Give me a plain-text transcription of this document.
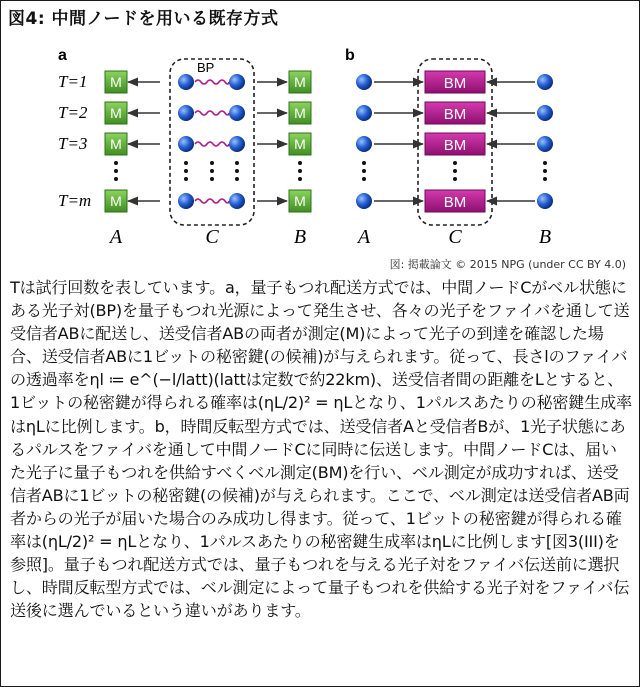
図4: 中間ノードを用いる既存方式
a	b
BP
T=1
T=2
T=3
T=m
M
M
M
M
M
M
M
M
A	C	B
BM
BM
BM
BM
A	C	B
図: 掲載論文 © 2015 NPG (under CC BY 4.0)

Tは試行回数を表しています。a，量子もつれ配送方式では、中間ノードCがベル状態にある光子対(BP)を量子もつれ光源によって発生させ、各々の光子をファイバを通して送受信者ABに配送し、送受信者ABの両者が測定(M)によって光子の到達を確認した場合、送受信者ABに1ビットの秘密鍵(の候補)が与えられます。従って、長さlのファイバの透過率をηl ≔ e^(−l/latt)(lattは定数で約22km)、送受信者間の距離をLとすると、1ビットの秘密鍵が得られる確率は(ηL/2)² = ηLとなり、1パルスあたりの秘密鍵生成率はηLに比例します。b，時間反転型方式では、送受信者Aと受信者Bが、1光子状態にあるパルスをファイバを通して中間ノードCに同時に伝送します。中間ノードCは、届いた光子に量子もつれを供給すべくベル測定(BM)を行い、ベル測定が成功すれば、送受信者ABに1ビットの秘密鍵(の候補)が与えられます。ここで、ベル測定は送受信者AB両者からの光子が届いた場合のみ成功し得ます。従って、1ビットの秘密鍵が得られる確率は(ηL/2)² = ηLとなり、1パルスあたりの秘密鍵生成率はηLに比例します[図3(III)を参照]。量子もつれ配送方式では、量子もつれを与える光子対をファイバ伝送前に選択し、時間反転型方式では、ベル測定によって量子もつれを供給する光子対をファイバ伝送後に選んでいるという違いがあります。
